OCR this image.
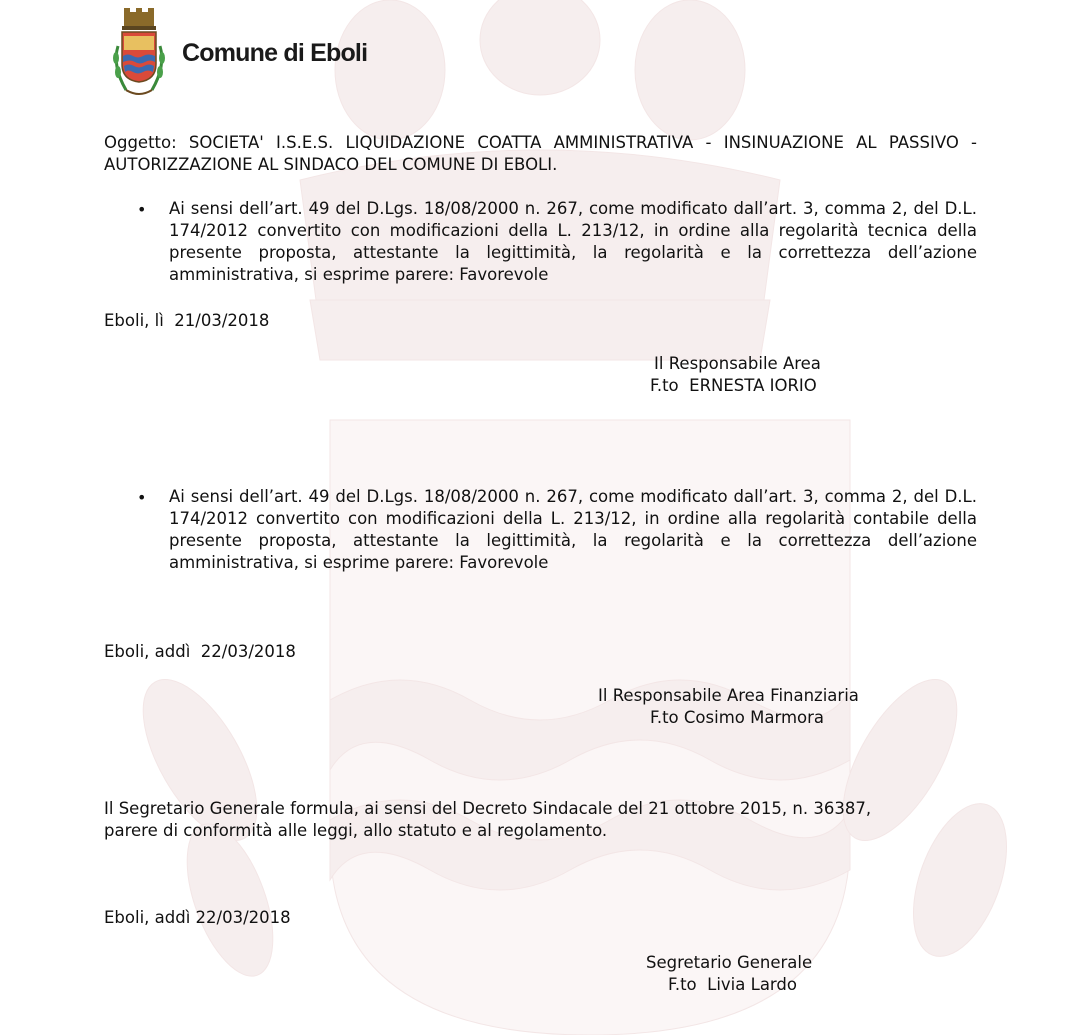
Comune di Eboli
Oggetto: SOCIETA' I.S.E.S. LIQUIDAZIONE COATTA AMMINISTRATIVA - INSINUAZIONE AL PASSIVO - AUTORIZZAZIONE AL SINDACO DEL COMUNE DI EBOLI.
• Ai sensi dell’art. 49 del D.Lgs. 18/08/2000 n. 267, come modificato dall’art. 3, comma 2, del D.L. 174/2012 convertito con modificazioni della L. 213/12, in ordine alla regolarità tecnica della presente proposta, attestante la legittimità, la regolarità e la correttezza dell’azione amministrativa, si esprime parere: Favorevole
Eboli, lì  21/03/2018
Il Responsabile Area
F.to  ERNESTA IORIO
• Ai sensi dell’art. 49 del D.Lgs. 18/08/2000 n. 267, come modificato dall’art. 3, comma 2, del D.L. 174/2012 convertito con modificazioni della L. 213/12, in ordine alla regolarità contabile della presente proposta, attestante la legittimità, la regolarità e la correttezza dell’azione amministrativa, si esprime parere: Favorevole
Eboli, addì  22/03/2018
Il Responsabile Area Finanziaria
F.to Cosimo Marmora
Il Segretario Generale formula, ai sensi del Decreto Sindacale del 21 ottobre 2015, n. 36387,
parere di conformità alle leggi, allo statuto e al regolamento.
Eboli, addì 22/03/2018
Segretario Generale
F.to  Livia Lardo
